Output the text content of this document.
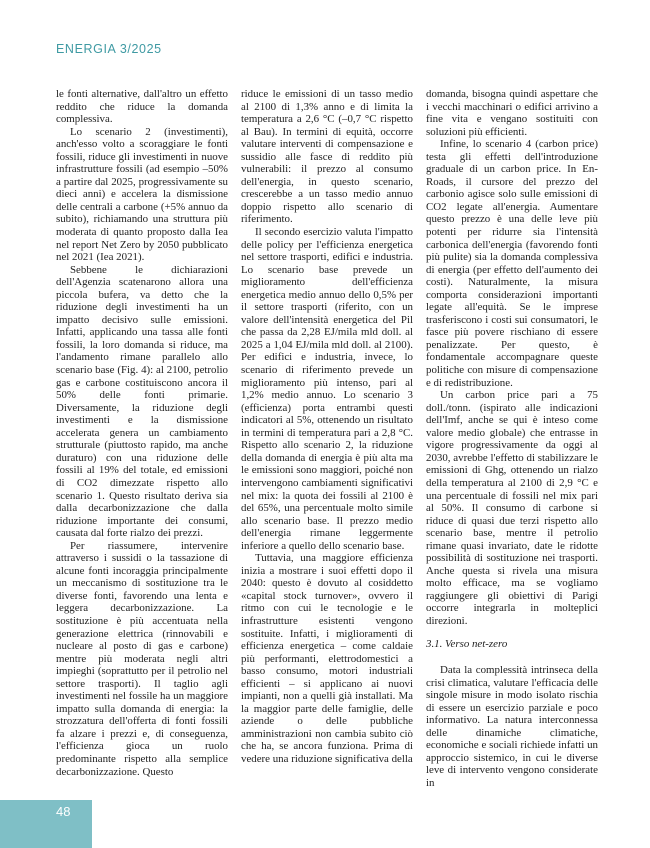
ENERGIA 3/2025

le fonti alternative, dall'altro un effetto reddito che riduce la domanda complessiva.

Lo scenario 2 (investimenti), anch'esso volto a scoraggiare le fonti fossili, riduce gli investimenti in nuove infrastrutture fossili (ad esempio –50% a partire dal 2025, progressivamente su dieci anni) e accelera la dismissione delle centrali a carbone (+5% annuo da subito), richiamando una struttura più moderata di quanto proposto dalla Iea nel report Net Zero by 2050 pubblicato nel 2021 (Iea 2021).

Sebbene le dichiarazioni dell'Agenzia scatenarono allora una piccola bufera, va detto che la riduzione degli investimenti ha un impatto decisivo sulle emissioni. Infatti, applicando una tassa alle fonti fossili, la loro domanda si riduce, ma l'andamento rimane parallelo allo scenario base (Fig. 4): al 2100, petrolio gas e carbone costituiscono ancora il 50% delle fonti primarie. Diversamente, la riduzione degli investimenti e la dismissione accelerata genera un cambiamento strutturale (piuttosto rapido, ma anche duraturo) con una riduzione delle fossili al 19% del totale, ed emissioni di CO2 dimezzate rispetto allo scenario 1. Questo risultato deriva sia dalla decarbonizzazione che dalla riduzione importante dei consumi, causata dal forte rialzo dei prezzi.

Per riassumere, intervenire attraverso i sussidi o la tassazione di alcune fonti incoraggia principalmente un meccanismo di sostituzione tra le diverse fonti, favorendo una lenta e leggera decarbonizzazione. La sostituzione è più accentuata nella generazione elettrica (rinnovabili e nucleare al posto di gas e carbone) mentre più moderata negli altri impieghi (soprattutto per il petrolio nel settore trasporti). Il taglio agli investimenti nel fossile ha un maggiore impatto sulla domanda di energia: la strozzatura dell'offerta di fonti fossili fa alzare i prezzi e, di conseguenza, l'efficienza gioca un ruolo predominante rispetto alla semplice decarbonizzazione. Questo

riduce le emissioni di un tasso medio al 2100 di 1,3% anno e di limita la temperatura a 2,6 °C (–0,7 °C rispetto al Bau). In termini di equità, occorre valutare interventi di compensazione e sussidio alle fasce di reddito più vulnerabili: il prezzo al consumo dell'energia, in questo scenario, crescerebbe a un tasso medio annuo doppio rispetto allo scenario di riferimento.

Il secondo esercizio valuta l'impatto delle policy per l'efficienza energetica nel settore trasporti, edifici e industria. Lo scenario base prevede un miglioramento dell'efficienza energetica medio annuo dello 0,5% per il settore trasporti (riferito, con un valore dell'intensità energetica del Pil che passa da 2,28 EJ/mila mld doll. al 2025 a 1,04 EJ/mila mld doll. al 2100). Per edifici e industria, invece, lo scenario di riferimento prevede un miglioramento più intenso, pari al 1,2% medio annuo. Lo scenario 3 (efficienza) porta entrambi questi indicatori al 5%, ottenendo un risultato in termini di temperatura pari a 2,8 °C. Rispetto allo scenario 2, la riduzione della domanda di energia è più alta ma le emissioni sono maggiori, poiché non intervengono cambiamenti significativi nel mix: la quota dei fossili al 2100 è del 65%, una percentuale molto simile allo scenario base. Il prezzo medio dell'energia rimane leggermente inferiore a quello dello scenario base.

Tuttavia, una maggiore efficienza inizia a mostrare i suoi effetti dopo il 2040: questo è dovuto al cosiddetto «capital stock turnover», ovvero il ritmo con cui le tecnologie e le infrastrutture esistenti vengono sostituite. Infatti, i miglioramenti di efficienza energetica – come caldaie più performanti, elettrodomestici a basso consumo, motori industriali efficienti – si applicano ai nuovi impianti, non a quelli già installati. Ma la maggior parte delle famiglie, delle aziende o delle pubbliche amministrazioni non cambia subito ciò che ha, se ancora funziona. Prima di vedere una riduzione significativa della

domanda, bisogna quindi aspettare che i vecchi macchinari o edifici arrivino a fine vita e vengano sostituiti con soluzioni più efficienti.

Infine, lo scenario 4 (carbon price) testa gli effetti dell'introduzione graduale di un carbon price. In En-Roads, il cursore del prezzo del carbonio agisce solo sulle emissioni di CO2 legate all'energia. Aumentare questo prezzo è una delle leve più potenti per ridurre sia l'intensità carbonica dell'energia (favorendo fonti più pulite) sia la domanda complessiva di energia (per effetto dell'aumento dei costi). Naturalmente, la misura comporta considerazioni importanti legate all'equità. Se le imprese trasferiscono i costi sui consumatori, le fasce più povere rischiano di essere penalizzate. Per questo, è fondamentale accompagnare queste politiche con misure di compensazione e di redistribuzione.

Un carbon price pari a 75 doll./tonn. (ispirato alle indicazioni dell'Imf, anche se qui è inteso come valore medio globale) che entrasse in vigore progressivamente da oggi al 2030, avrebbe l'effetto di stabilizzare le emissioni di Ghg, ottenendo un rialzo della temperatura al 2100 di 2,9 °C e una percentuale di fossili nel mix pari al 50%. Il consumo di carbone si riduce di quasi due terzi rispetto allo scenario base, mentre il petrolio rimane quasi invariato, date le ridotte possibilità di sostituzione nei trasporti. Anche questa si rivela una misura molto efficace, ma se vogliamo raggiungere gli obiettivi di Parigi occorre integrarla in molteplici direzioni.

3.1. Verso net-zero

Data la complessità intrinseca della crisi climatica, valutare l'efficacia delle singole misure in modo isolato rischia di essere un esercizio parziale e poco informativo. La natura interconnessa delle dinamiche climatiche, economiche e sociali richiede infatti un approccio sistemico, in cui le diverse leve di intervento vengono considerate in

48
